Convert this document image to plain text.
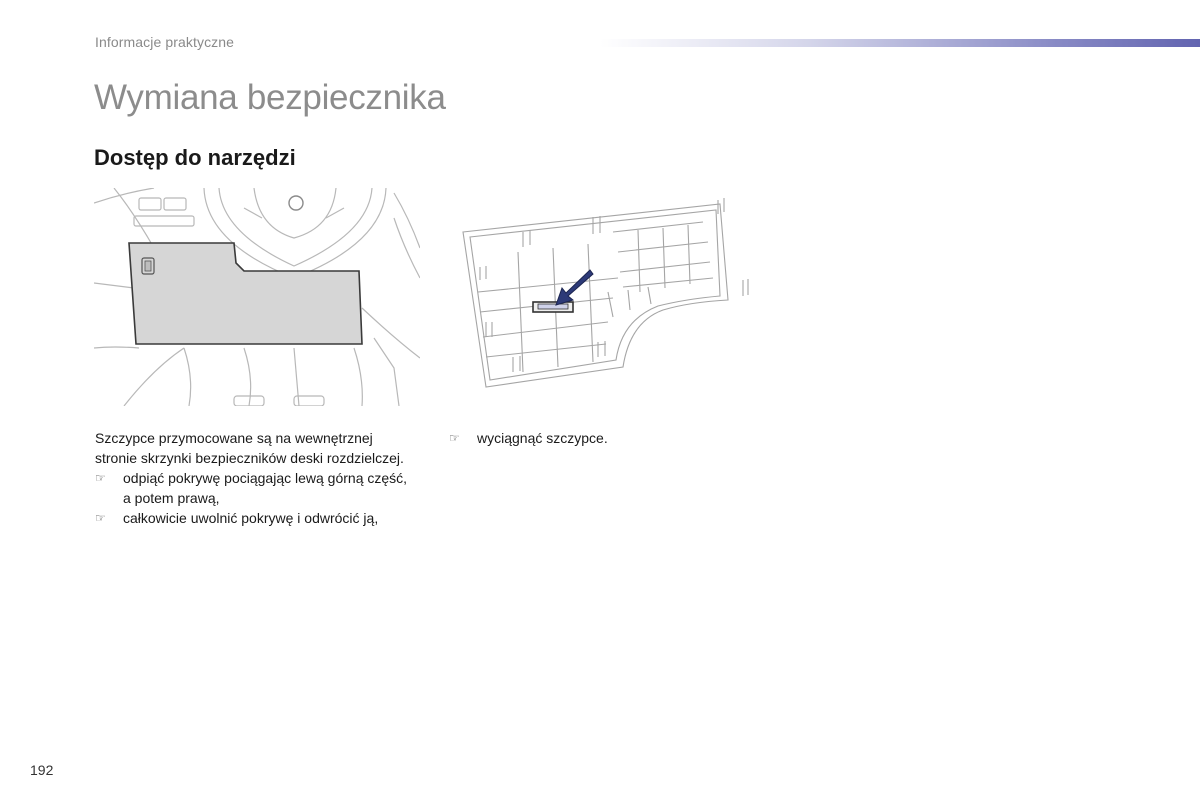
Informacje praktyczne
Wymiana bezpiecznika
Dostęp do narzędzi

Szczypce przymocowane są na wewnętrznej stronie skrzynki bezpieczników deski rozdzielczej.

☞ odpiąć pokrywę pociągając lewą górną część, a potem prawą,
☞ całkowicie uwolnić pokrywę i odwrócić ją,
☞ wyciągnąć szczypce.
192
